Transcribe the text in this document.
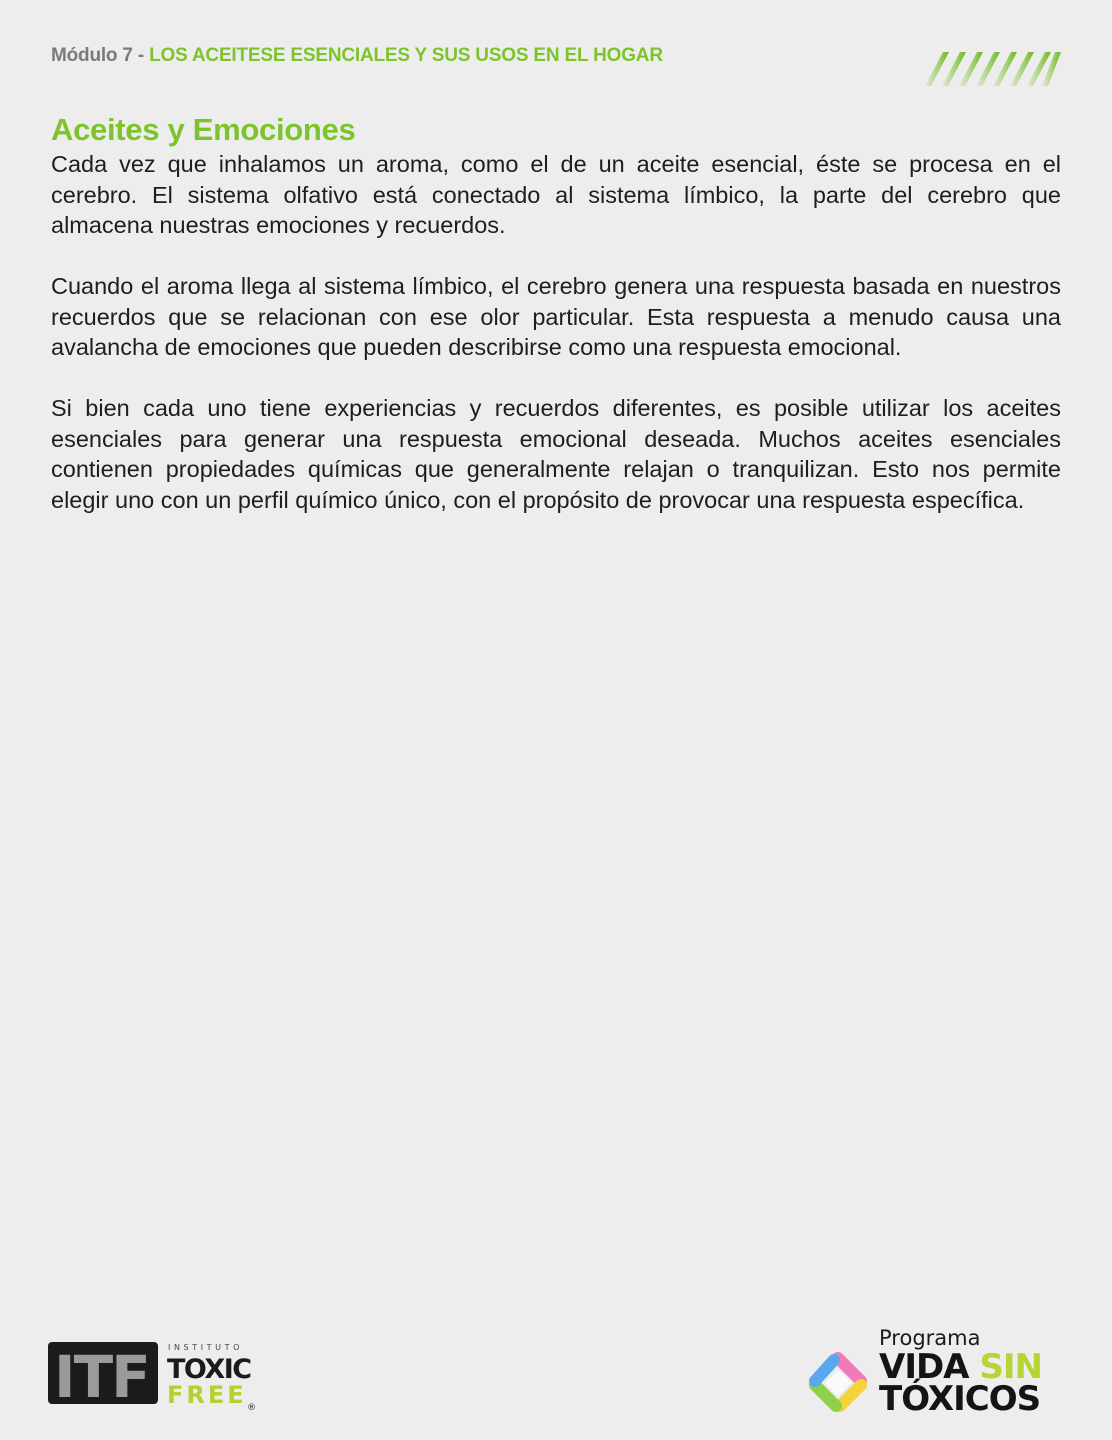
Módulo 7 - LOS ACEITESE ESENCIALES Y SUS USOS EN EL HOGAR
Aceites y Emociones

Cada vez que inhalamos un aroma, como el de un aceite esencial, éste se procesa en el cerebro. El sistema olfativo está conectado al sistema límbico, la parte del cerebro que almacena nuestras emociones y recuerdos.

Cuando el aroma llega al sistema límbico, el cerebro genera una respuesta basada en nuestros recuerdos que se relacionan con ese olor particular. Esta respuesta a menudo causa una avalancha de emociones que pueden describirse como una respuesta emocional.

Si bien cada uno tiene experiencias y recuerdos diferentes, es posible utilizar los aceites esenciales para generar una respuesta emocional deseada. Muchos aceites esenciales contienen propiedades químicas que generalmente relajan o tranquilizan. Esto nos permite elegir uno con un perfil químico único, con el propósito de provocar una respuesta específica.

ITF INSTITUTO
TOXIC
FREE ®
Programa
VIDA SIN
TÓXICOS
